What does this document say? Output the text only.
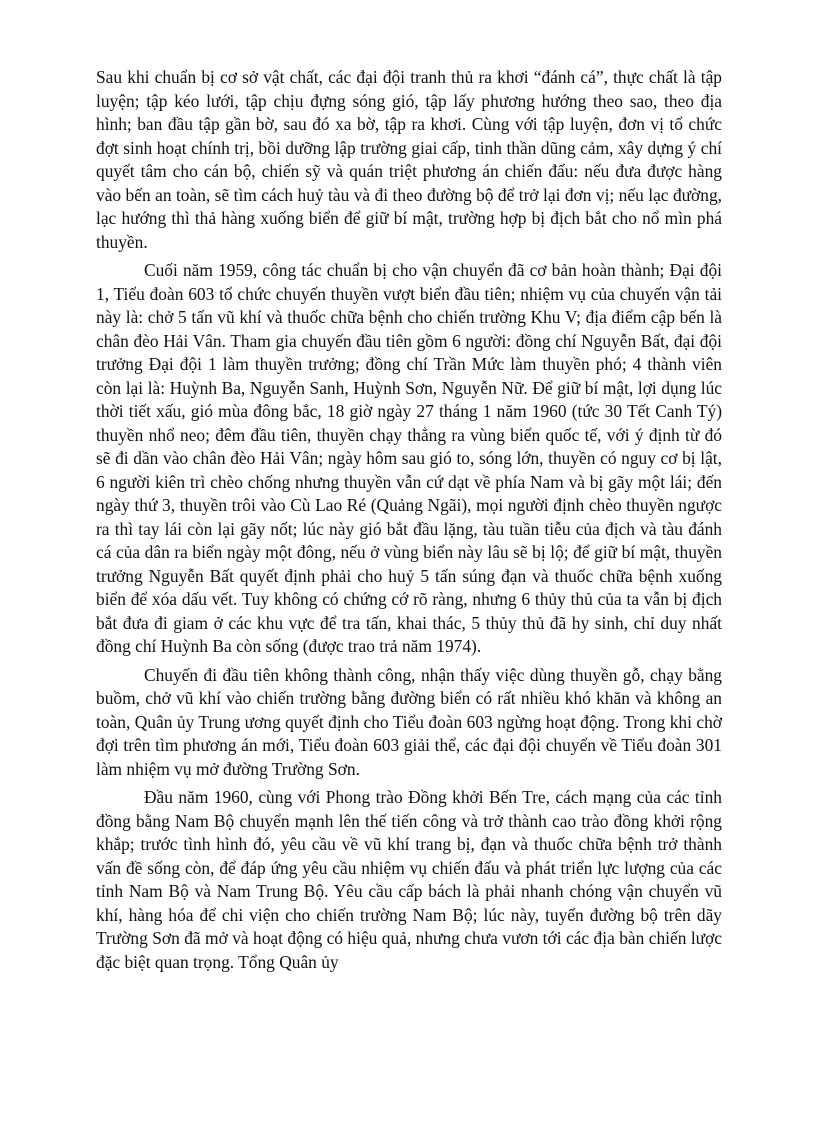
Sau khi chuẩn bị cơ sở vật chất, các đại đội tranh thủ ra khơi “đánh cá”, thực chất là tập luyện; tập kéo lưới, tập chịu đựng sóng gió, tập lấy phương hướng theo sao, theo địa hình; ban đầu tập gần bờ, sau đó xa bờ, tập ra khơi. Cùng với tập luyện, đơn vị tổ chức đợt sinh hoạt chính trị, bồi dưỡng lập trường giai cấp, tinh thần dũng cảm, xây dựng ý chí quyết tâm cho cán bộ, chiến sỹ và quán triệt phương án chiến đấu: nếu đưa được hàng vào bến an toàn, sẽ tìm cách huỷ tàu và đi theo đường bộ để trở lại đơn vị; nếu lạc đường, lạc hướng thì thả hàng xuống biển để giữ bí mật, trường hợp bị địch bắt cho nổ mìn phá thuyền.

Cuối năm 1959, công tác chuẩn bị cho vận chuyển đã cơ bản hoàn thành; Đại đội 1, Tiểu đoàn 603 tổ chức chuyến thuyền vượt biển đầu tiên; nhiệm vụ của chuyến vận tải này là: chở 5 tấn vũ khí và thuốc chữa bệnh cho chiến trường Khu V; địa điểm cập bến là chân đèo Hải Vân. Tham gia chuyến đầu tiên gồm 6 người: đồng chí Nguyễn Bất, đại đội trưởng Đại đội 1 làm thuyền trưởng; đồng chí Trần Mức làm thuyền phó; 4 thành viên còn lại là: Huỳnh Ba, Nguyễn Sanh, Huỳnh Sơn, Nguyễn Nữ. Để giữ bí mật, lợi dụng lúc thời tiết xấu, gió mùa đông bắc, 18 giờ ngày 27 tháng 1 năm 1960 (tức 30 Tết Canh Tý) thuyền nhổ neo; đêm đầu tiên, thuyền chạy thẳng ra vùng biển quốc tế, với ý định từ đó sẽ đi dần vào chân đèo Hải Vân; ngày hôm sau gió to, sóng lớn, thuyền có nguy cơ bị lật, 6 người kiên trì chèo chống nhưng thuyền vẫn cứ dạt về phía Nam và bị gãy một lái; đến ngày thứ 3, thuyền trôi vào Cù Lao Ré (Quảng Ngãi), mọi người định chèo thuyền ngược ra thì tay lái còn lại gãy nốt; lúc này gió bắt đầu lặng, tàu tuần tiễu của địch và tàu đánh cá của dân ra biển ngày một đông, nếu ở vùng biển này lâu sẽ bị lộ; để giữ bí mật, thuyền trưởng Nguyễn Bất quyết định phải cho huỷ 5 tấn súng đạn và thuốc chữa bệnh xuống biển để xóa dấu vết. Tuy không có chứng cớ rõ ràng, nhưng 6 thủy thủ của ta vẫn bị địch bắt đưa đi giam ở các khu vực để tra tấn, khai thác, 5 thủy thủ đã hy sinh, chỉ duy nhất đồng chí Huỳnh Ba còn sống (được trao trả năm 1974).

Chuyến đi đầu tiên không thành công, nhận thấy việc dùng thuyền gỗ, chạy bằng buồm, chở vũ khí vào chiến trường bằng đường biển có rất nhiều khó khăn và không an toàn, Quân ủy Trung ương quyết định cho Tiểu đoàn 603 ngừng hoạt động. Trong khi chờ đợi trên tìm phương án mới, Tiểu đoàn 603 giải thể, các đại đội chuyển về Tiểu đoàn 301 làm nhiệm vụ mở đường Trường Sơn.

Đầu năm 1960, cùng với Phong trào Đồng khởi Bến Tre, cách mạng của các tỉnh đồng bằng Nam Bộ chuyển mạnh lên thế tiến công và trở thành cao trào đồng khởi rộng khắp; trước tình hình đó, yêu cầu về vũ khí trang bị, đạn và thuốc chữa bệnh trở thành vấn đề sống còn, để đáp ứng yêu cầu nhiệm vụ chiến đấu và phát triển lực lượng của các tỉnh Nam Bộ và Nam Trung Bộ. Yêu cầu cấp bách là phải nhanh chóng vận chuyển vũ khí, hàng hóa để chi viện cho chiến trường Nam Bộ; lúc này, tuyến đường bộ trên dãy Trường Sơn đã mở và hoạt động có hiệu quả, nhưng chưa vươn tới các địa bàn chiến lược đặc biệt quan trọng. Tổng Quân ủy
